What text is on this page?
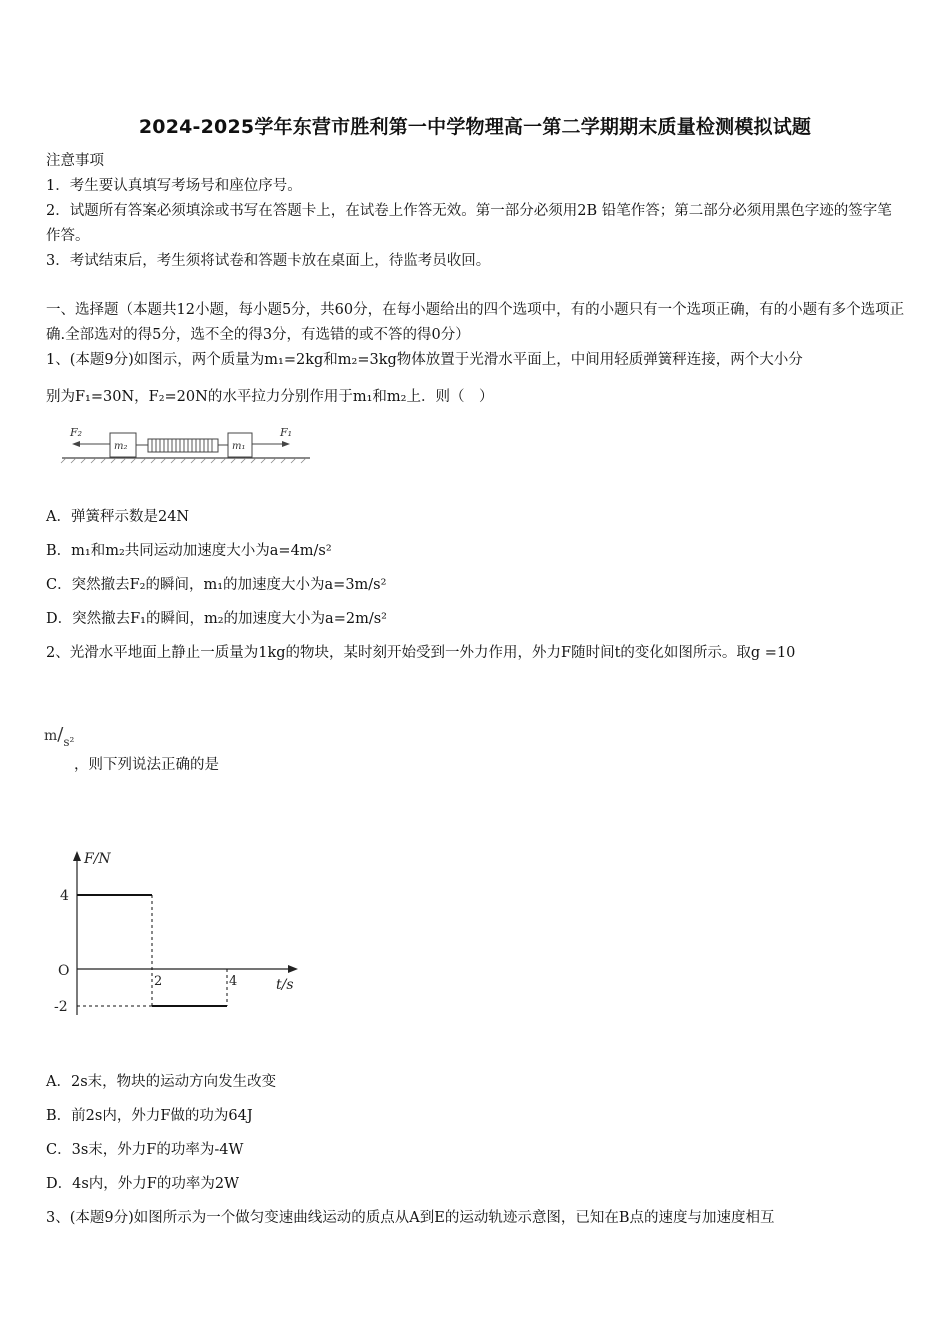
2024-2025学年东营市胜利第一中学物理高一第二学期期末质量检测模拟试题
注意事项
1．考生要认真填写考场号和座位序号。
2．试题所有答案必须填涂或书写在答题卡上，在试卷上作答无效。第一部分必须用2B 铅笔作答；第二部分必须用黑色字迹的签字笔作答。
3．考试结束后，考生须将试卷和答题卡放在桌面上，待监考员收回。
一、选择题（本题共12小题，每小题5分，共60分，在每小题给出的四个选项中，有的小题只有一个选项正确，有的小题有多个选项正确.全部选对的得5分，选不全的得3分，有选错的或不答的得0分）
1、(本题9分)如图示，两个质量为m₁=2kg和m₂=3kg物体放置于光滑水平面上，中间用轻质弹簧秤连接，两个大小分
别为F₁=30N，F₂=20N的水平拉力分别作用于m₁和m₂上．则（　）
F₂
m₂	m₁
F₁
A．弹簧秤示数是24N
B．m₁和m₂共同运动加速度大小为a=4m/s²
C．突然撤去F₂的瞬间，m₁的加速度大小为a=3m/s²
D．突然撤去F₁的瞬间，m₂的加速度大小为a=2m/s²
2、光滑水平地面上静止一质量为1kg的物块，某时刻开始受到一外力作用，外力F随时间t的变化如图所示。取g =10
m/s²
，则下列说法正确的是
F/N
t/s
O
4
-2
2	4
A．2s末，物块的运动方向发生改变
B．前2s内，外力F做的功为64J
C．3s末，外力F的功率为-4W
D．4s内，外力F的功率为2W
3、(本题9分)如图所示为一个做匀变速曲线运动的质点从A到E的运动轨迹示意图，已知在B点的速度与加速度相互
